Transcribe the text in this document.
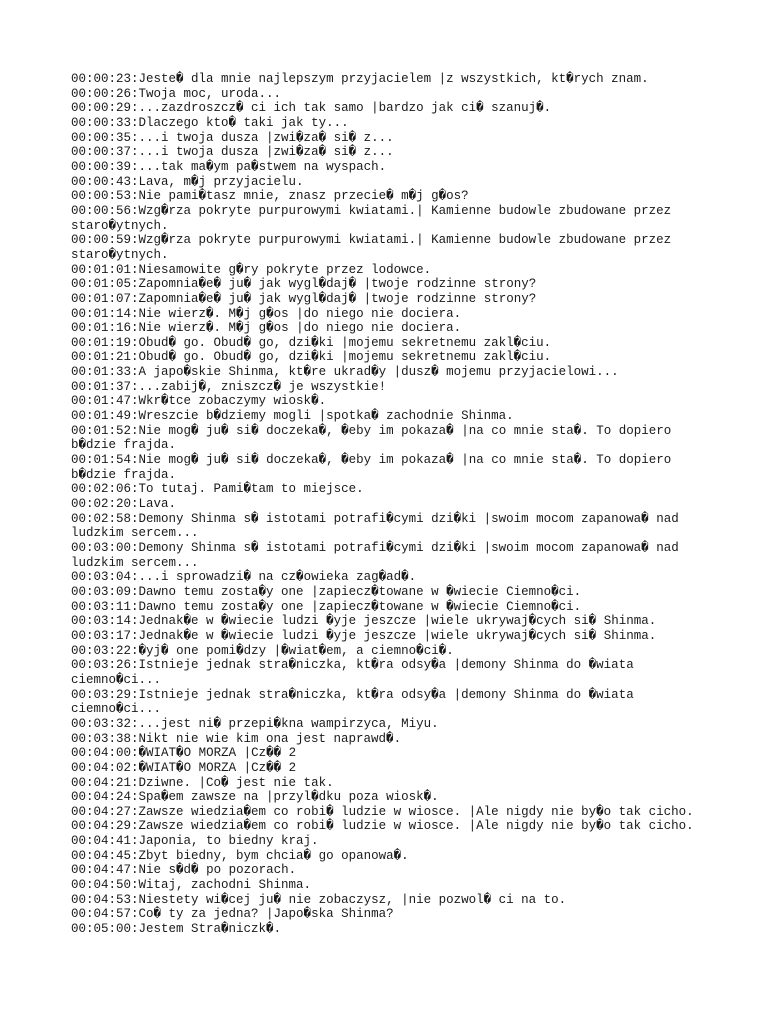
00:00:23:Jeste� dla mnie najlepszym przyjacielem |z wszystkich, kt�rych znam.
00:00:26:Twoja moc, uroda...
00:00:29:...zazdroszcz� ci ich tak samo |bardzo jak ci� szanuj�.
00:00:33:Dlaczego kto� taki jak ty...
00:00:35:...i twoja dusza |zwi�za� si� z...
00:00:37:...i twoja dusza |zwi�za� si� z...
00:00:39:...tak ma�ym pa�stwem na wyspach.
00:00:43:Lava, m�j przyjacielu.
00:00:53:Nie pami�tasz mnie, znasz przecie� m�j g�os?
00:00:56:Wzg�rza pokryte purpurowymi kwiatami.| Kamienne budowle zbudowane przez
staro�ytnych.
00:00:59:Wzg�rza pokryte purpurowymi kwiatami.| Kamienne budowle zbudowane przez
staro�ytnych.
00:01:01:Niesamowite g�ry pokryte przez lodowce.
00:01:05:Zapomnia�e� ju� jak wygl�daj� |twoje rodzinne strony?
00:01:07:Zapomnia�e� ju� jak wygl�daj� |twoje rodzinne strony?
00:01:14:Nie wierz�. M�j g�os |do niego nie dociera.
00:01:16:Nie wierz�. M�j g�os |do niego nie dociera.
00:01:19:Obud� go. Obud� go, dzi�ki |mojemu sekretnemu zakl�ciu.
00:01:21:Obud� go. Obud� go, dzi�ki |mojemu sekretnemu zakl�ciu.
00:01:33:A japo�skie Shinma, kt�re ukrad�y |dusz� mojemu przyjacielowi...
00:01:37:...zabij�, zniszcz� je wszystkie!
00:01:47:Wkr�tce zobaczymy wiosk�.
00:01:49:Wreszcie b�dziemy mogli |spotka� zachodnie Shinma.
00:01:52:Nie mog� ju� si� doczeka�, �eby im pokaza� |na co mnie sta�. To dopiero
b�dzie frajda.
00:01:54:Nie mog� ju� si� doczeka�, �eby im pokaza� |na co mnie sta�. To dopiero
b�dzie frajda.
00:02:06:To tutaj. Pami�tam to miejsce.
00:02:20:Lava.
00:02:58:Demony Shinma s� istotami potrafi�cymi dzi�ki |swoim mocom zapanowa� nad
ludzkim sercem...
00:03:00:Demony Shinma s� istotami potrafi�cymi dzi�ki |swoim mocom zapanowa� nad
ludzkim sercem...
00:03:04:...i sprowadzi� na cz�owieka zag�ad�.
00:03:09:Dawno temu zosta�y one |zapiecz�towane w �wiecie Ciemno�ci.
00:03:11:Dawno temu zosta�y one |zapiecz�towane w �wiecie Ciemno�ci.
00:03:14:Jednak�e w �wiecie ludzi �yje jeszcze |wiele ukrywaj�cych si� Shinma.
00:03:17:Jednak�e w �wiecie ludzi �yje jeszcze |wiele ukrywaj�cych si� Shinma.
00:03:22:�yj� one pomi�dzy |�wiat�em, a ciemno�ci�.
00:03:26:Istnieje jednak stra�niczka, kt�ra odsy�a |demony Shinma do �wiata
ciemno�ci...
00:03:29:Istnieje jednak stra�niczka, kt�ra odsy�a |demony Shinma do �wiata
ciemno�ci...
00:03:32:...jest ni� przepi�kna wampirzyca, Miyu.
00:03:38:Nikt nie wie kim ona jest naprawd�.
00:04:00:�WIAT�O MORZA |Cz�� 2
00:04:02:�WIAT�O MORZA |Cz�� 2
00:04:21:Dziwne. |Co� jest nie tak.
00:04:24:Spa�em zawsze na |przyl�dku poza wiosk�.
00:04:27:Zawsze wiedzia�em co robi� ludzie w wiosce. |Ale nigdy nie by�o tak cicho.
00:04:29:Zawsze wiedzia�em co robi� ludzie w wiosce. |Ale nigdy nie by�o tak cicho.
00:04:41:Japonia, to biedny kraj.
00:04:45:Zbyt biedny, bym chcia� go opanowa�.
00:04:47:Nie s�d� po pozorach.
00:04:50:Witaj, zachodni Shinma.
00:04:53:Niestety wi�cej ju� nie zobaczysz, |nie pozwol� ci na to.
00:04:57:Co� ty za jedna? |Japo�ska Shinma?
00:05:00:Jestem Stra�niczk�.
